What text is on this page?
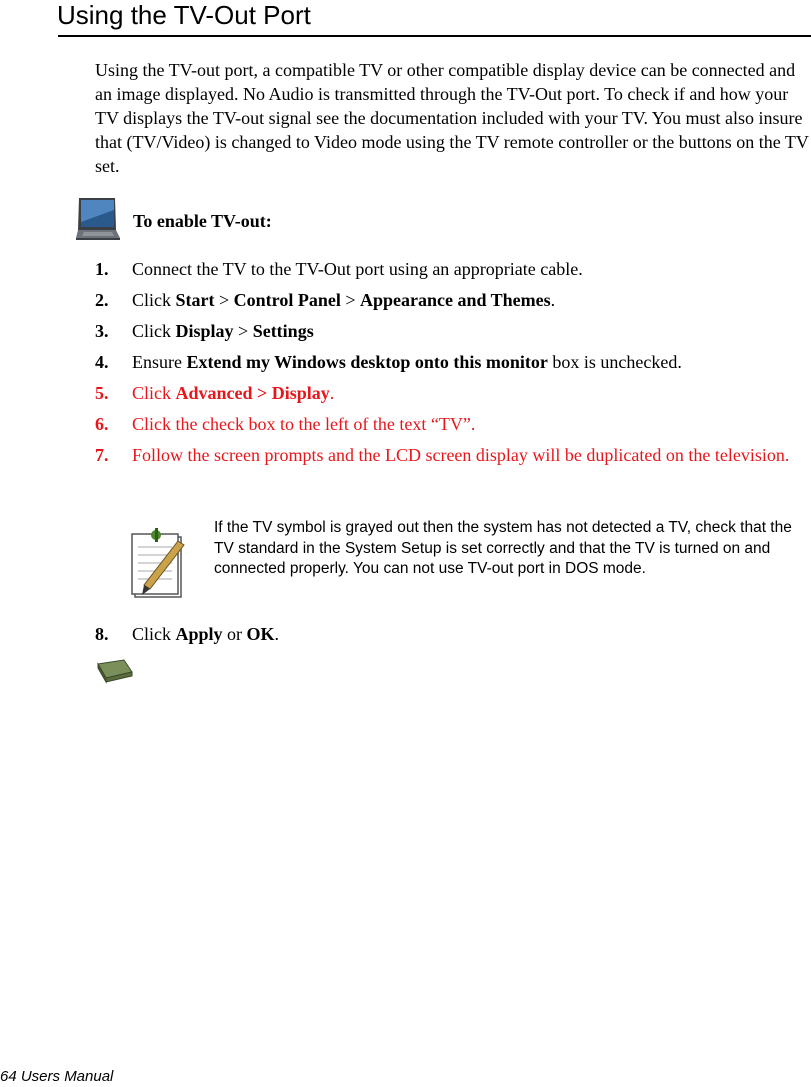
Using the TV-Out Port

Using the TV-out port, a compatible TV or other compatible display device can be connected and an image displayed. No Audio is transmitted through the TV-Out port. To check if and how your TV displays the TV-out signal see the documentation included with your TV. You must also insure that (TV/Video) is changed to Video mode using the TV remote controller or the buttons on the TV set.

To enable TV-out:
1.	Connect the TV to the TV-Out port using an appropriate cable.
2.	Click Start > Control Panel > Appearance and Themes.
3.	Click Display > Settings
4.	Ensure Extend my Windows desktop onto this monitor box is unchecked.
5.	Click Advanced > Display.
6.	Click the check box to the left of the text “TV”.
7.	Follow the screen prompts and the LCD screen display will be duplicated on the television.
If the TV symbol is grayed out then the system has not detected a TV, check that the TV standard in the System Setup is set correctly and that the TV is turned on and connected properly. You can not use TV-out port in DOS mode.
8.	Click Apply or OK.
64 Users Manual
